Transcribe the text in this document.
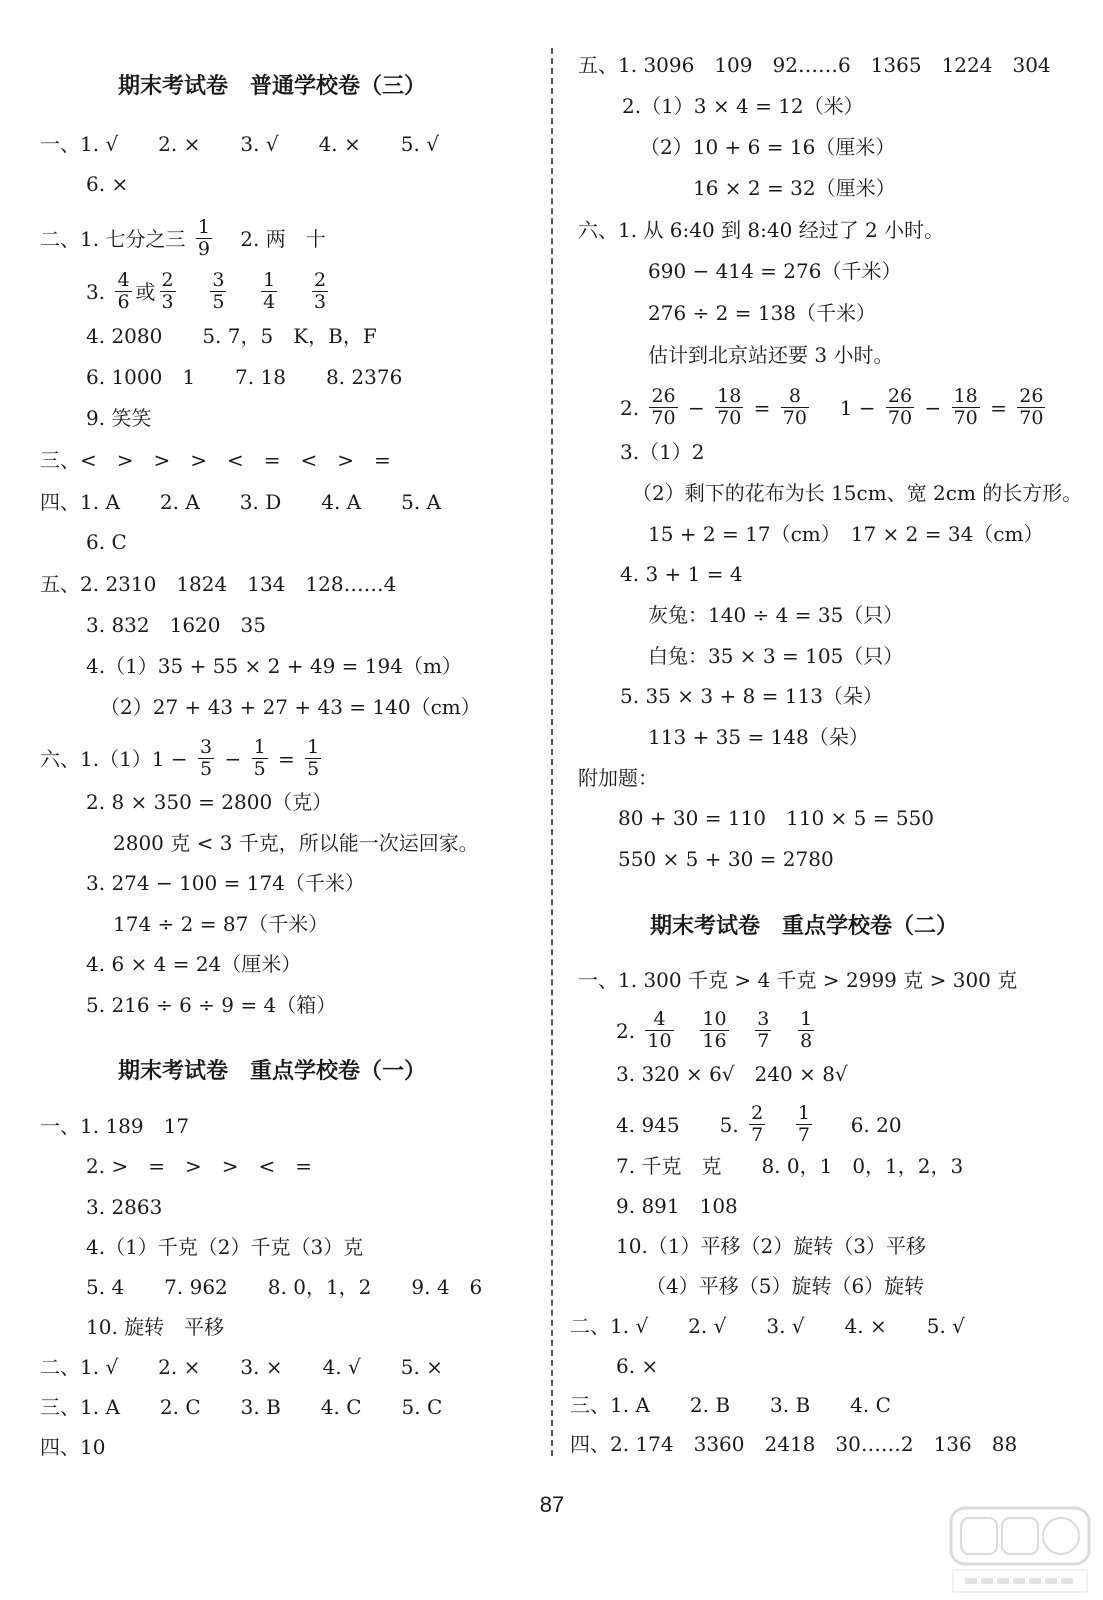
期末考试卷　普通学校卷（三）
一、1. √　　2. ×　　3. √　　4. ×　　5. √
6. ×
二、1. 七分之三 $\frac{1}{9} 2$. 两　十
3. $\frac{4}{6}$ 或 $\frac{2}{3}$
$\frac{3}{5}$
$\frac{1}{4}$
$\frac{2}{3}$
4. 2080　　5. 7，5　K，B，F
6. 1000　1　　7. 18　　8. 2376
9. 笑笑
三、<　>　>　>　<　=　<　>　=
四、1. A　　2. A　　3. D　　4. A　　5. A
6. C
五、2. 2310　1824　134　128……4
3. 832　1620　35
4.（1）35 + 55 × 2 + 49 = 194（m）
（2）27 + 43 + 27 + 43 = 140（cm）
六、$1.(1)1 - \frac{3}{5} - \frac{1}{5} = \frac{1}{5}$
2. 8 × 350 = 2800（克）
2800 克 < 3 千克，所以能一次运回家。
3. 274 − 100 = 174（千米）
174 ÷ 2 = 87（千米）
4. 6 × 4 = 24（厘米）
5. 216 ÷ 6 ÷ 9 = 4（箱）
期末考试卷　重点学校卷（一）
一、1. 189　17
2. >　=　>　>　<　=
3. 2863
4.（1）千克（2）千克（3）克
5. 4　　7. 962　　8. 0，1，2　　9. 4　6
10. 旋转　平移
二、1. √　　2. ×　　3. ×　　4. √　　5. ×
三、1. A　　2. C　　3. B　　4. C　　5. C
四、10
五、1. 3096　109　92……6　1365　1224　304
2.（1）3 × 4 = 12（米）
（2）10 + 6 = 16（厘米）
16 × 2 = 32（厘米）
六、1. 从 6:40 到 8:40 经过了 2 小时。
690 − 414 = 276（千米）
276 ÷ 2 = 138（千米）
估计到北京站还要 3 小时。
2. $\frac{26}{70} - \frac{18}{70} = \frac{8}{70} 1 - \frac{26}{70} - \frac{18}{70} = \frac{26}{70}$
3.（1）2
（2）剩下的花布为长 15cm、宽 2cm 的长方形。
15 + 2 = 17（cm）　17 × 2 = 34（cm）
4. 3 + 1 = 4
灰兔：140 ÷ 4 = 35（只）
白兔：35 × 3 = 105（只）
5. 35 × 3 + 8 = 113（朵）
113 + 35 = 148（朵）
附加题：
80 + 30 = 110　110 × 5 = 550
550 × 5 + 30 = 2780
期末考试卷　重点学校卷（二）
一、1. 300 千克 > 4 千克 > 2999 克 > 300 克
2. $\frac{4}{10}$
$\frac{10}{16}$
$\frac{3}{7}$
$\frac{1}{8}$
3. 320 × 6√　240 × 8√
4. 945　　5. $\frac{2}{7}$
$\frac{1}{7} 6$. 20
7. 千克　克　　8. 0，1　0，1，2，3
9. 891　108
10.（1）平移（2）旋转（3）平移
（4）平移（5）旋转（6）旋转
二、1. √　　2. √　　3. √　　4. ×　　5. √
6. ×
三、1. A　　2. B　　3. B　　4. C
四、2. 174　3360　2418　30……2　136　88
87
